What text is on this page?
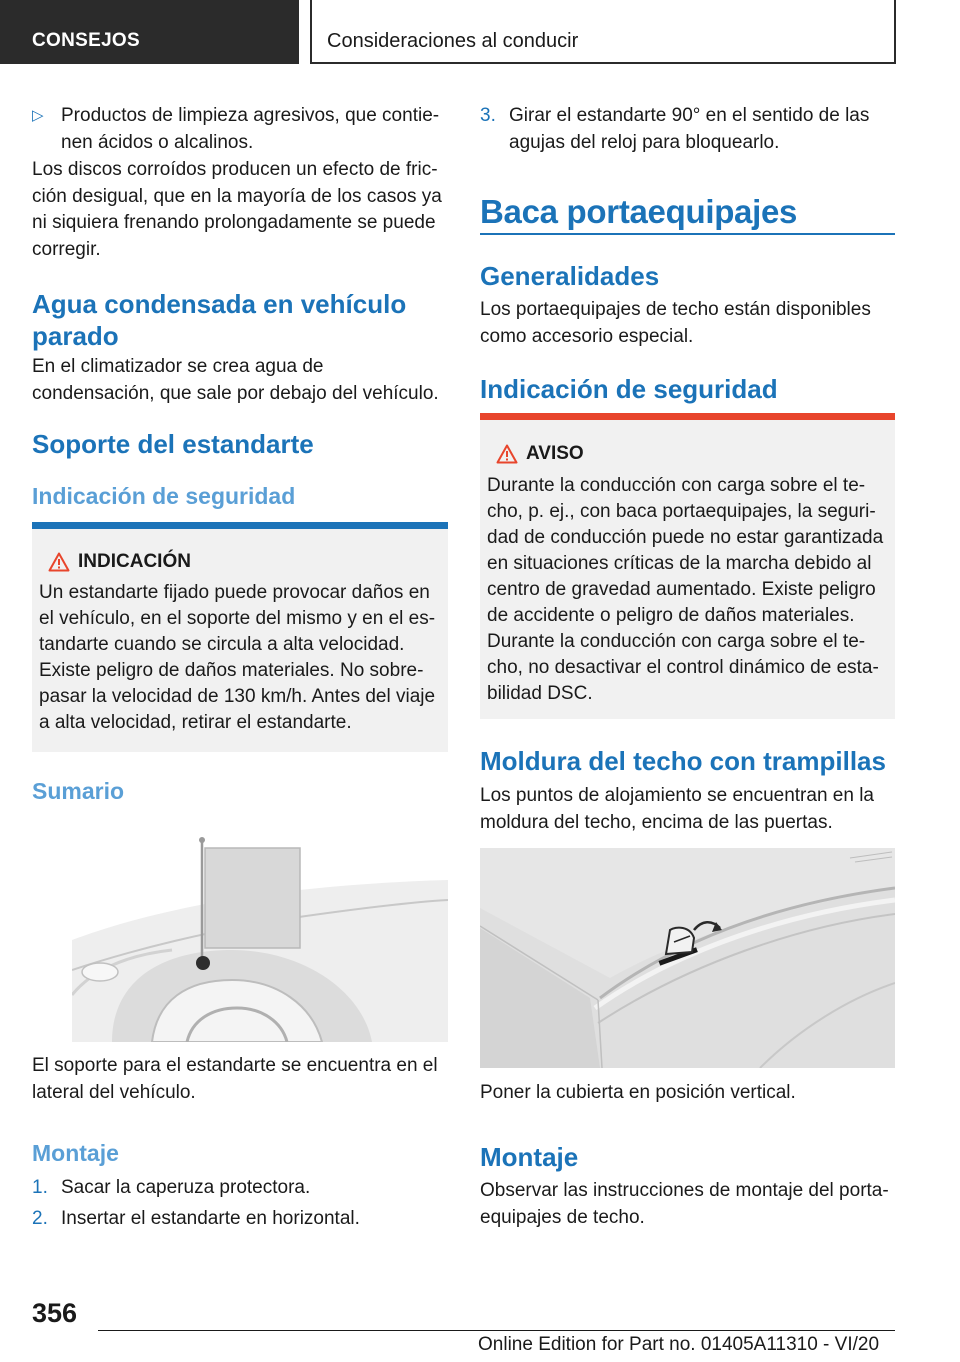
CONSEJOS	Consideraciones al conducir
▷ Productos de limpieza agresivos, que contie‐ nen ácidos o alcalinos.

Los discos corroídos producen un efecto de fric‐ ción desigual, que en la mayoría de los casos ya ni siquiera frenando prolongadamente se puede corregir.

Agua condensada en vehículo parado

En el climatizador se crea agua de condensación, que sale por debajo del vehículo.

Soporte del estandarte
Indicación de seguridad
INDICACIÓN

Un estandarte fijado puede provocar daños en el vehículo, en el soporte del mismo y en el es‐ tandarte cuando se circula a alta velocidad. Existe peligro de daños materiales. No sobre‐ pasar la velocidad de 130 km/h. Antes del viaje a alta velocidad, retirar el estandarte.

Sumario

El soporte para el estandarte se encuentra en el lateral del vehículo.

Montaje
1. Sacar la caperuza protectora.
2. Insertar el estandarte en horizontal.
3. Girar el estandarte 90° en el sentido de las agujas del reloj para bloquearlo.
Baca portaequipajes
Generalidades

Los portaequipajes de techo están disponibles como accesorio especial.

Indicación de seguridad
AVISO

Durante la conducción con carga sobre el te‐ cho, p. ej., con baca portaequipajes, la seguri‐ dad de conducción puede no estar garantizada en situaciones críticas de la marcha debido al centro de gravedad aumentado. Existe peligro de accidente o peligro de daños materiales. Durante la conducción con carga sobre el te‐ cho, no desactivar el control dinámico de esta‐ bilidad DSC.

Moldura del techo con trampillas

Los puntos de alojamiento se encuentran en la moldura del techo, encima de las puertas.

Poner la cubierta en posición vertical.

Montaje

Observar las instrucciones de montaje del porta‐ equipajes de techo.

356
Online Edition for Part no. 01405A11310 - VI/20
